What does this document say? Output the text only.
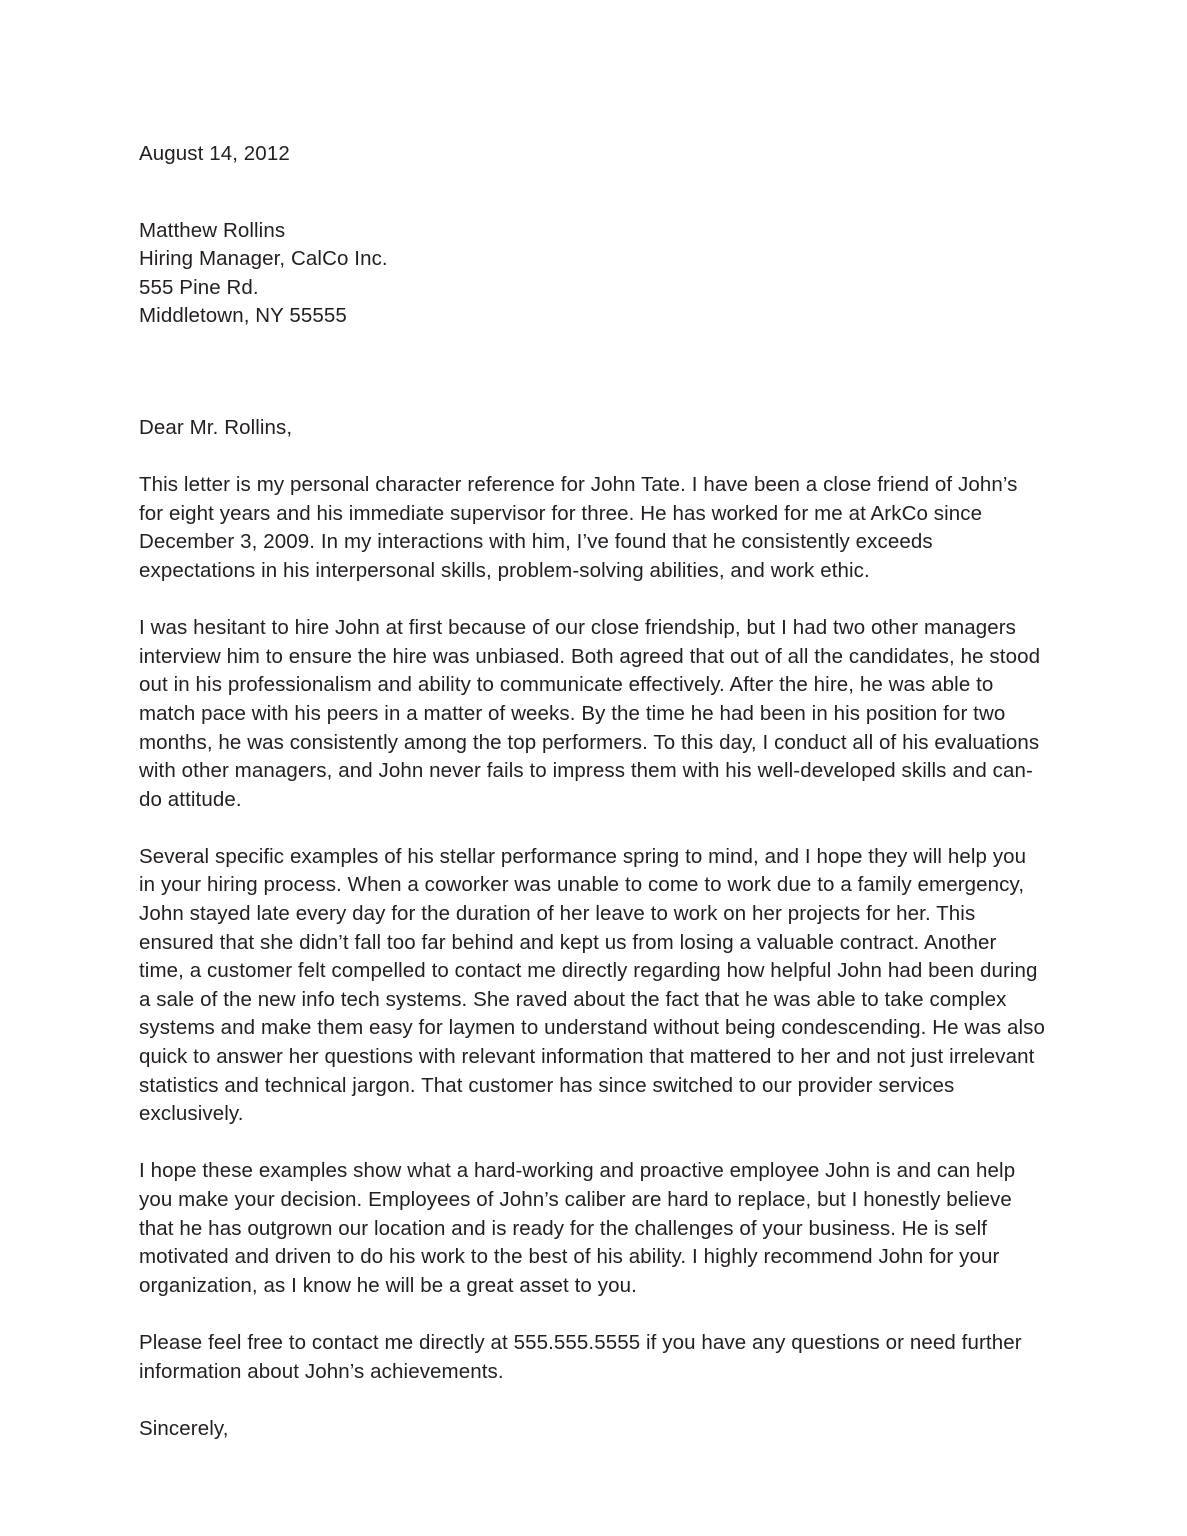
August 14, 2012
Matthew Rollins
Hiring Manager, CalCo Inc.
555 Pine Rd.
Middletown, NY 55555
Dear Mr. Rollins,

This letter is my personal character reference for John Tate. I have been a close friend of John’s for eight years and his immediate supervisor for three. He has worked for me at ArkCo since December 3, 2009. In my interactions with him, I’ve found that he consistently exceeds expectations in his interpersonal skills, problem-solving abilities, and work ethic.

I was hesitant to hire John at first because of our close friendship, but I had two other managers interview him to ensure the hire was unbiased. Both agreed that out of all the candidates, he stood out in his professionalism and ability to communicate effectively. After the hire, he was able to match pace with his peers in a matter of weeks. By the time he had been in his position for two months, he was consistently among the top performers. To this day, I conduct all of his evaluations with other managers, and John never fails to impress them with his well-developed skills and can-do attitude.

Several specific examples of his stellar performance spring to mind, and I hope they will help you in your hiring process. When a coworker was unable to come to work due to a family emergency, John stayed late every day for the duration of her leave to work on her projects for her. This ensured that she didn’t fall too far behind and kept us from losing a valuable contract. Another time, a customer felt compelled to contact me directly regarding how helpful John had been during a sale of the new info tech systems. She raved about the fact that he was able to take complex systems and make them easy for laymen to understand without being condescending. He was also quick to answer her questions with relevant information that mattered to her and not just irrelevant statistics and technical jargon. That customer has since switched to our provider services exclusively.

I hope these examples show what a hard-working and proactive employee John is and can help you make your decision. Employees of John’s caliber are hard to replace, but I honestly believe that he has outgrown our location and is ready for the challenges of your business. He is self motivated and driven to do his work to the best of his ability. I highly recommend John for your organization, as I know he will be a great asset to you.

Please feel free to contact me directly at 555.555.5555 if you have any questions or need further information about John’s achievements.

Sincerely,
